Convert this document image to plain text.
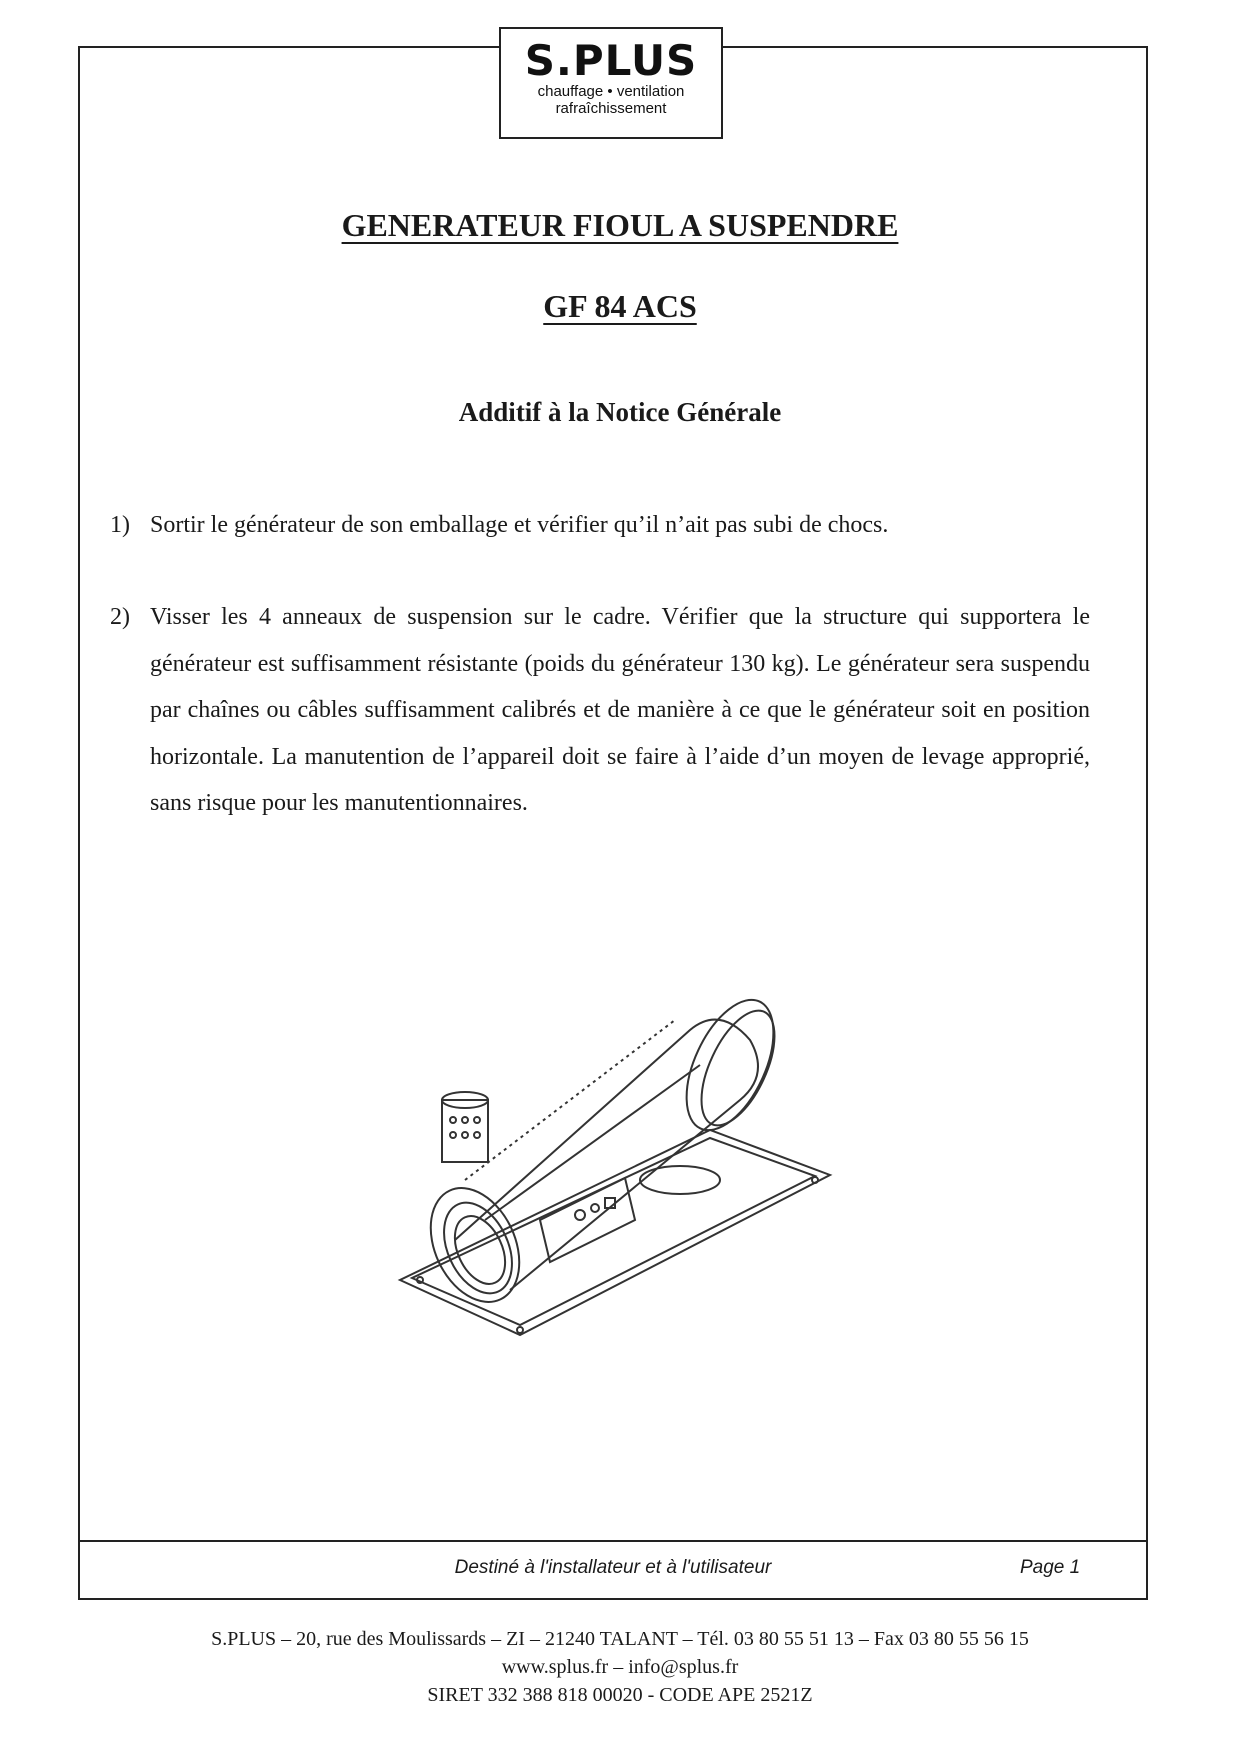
S.PLUS
chauffage • ventilation
rafraîchissement
GENERATEUR FIOUL A SUSPENDRE
GF 84 ACS
Additif à la Notice Générale
1) Sortir le générateur de son emballage et vérifier qu’il n’ait pas subi de chocs.
2) Visser les 4 anneaux de suspension sur le cadre. Vérifier que la structure qui supportera le générateur est suffisamment résistante (poids du générateur 130 kg). Le générateur sera suspendu par chaînes ou câbles suffisamment calibrés et de manière à ce que le générateur soit en position horizontale. La manutention de l’appareil doit se faire à l’aide d’un moyen de levage approprié, sans risque pour les manutentionnaires.
Destiné à l'installateur et à l'utilisateur	Page 1
S.PLUS – 20, rue des Moulissards – ZI – 21240 TALANT – Tél. 03 80 55 51 13 – Fax 03 80 55 56 15
www.splus.fr – info@splus.fr
SIRET 332 388 818 00020 - CODE APE 2521Z
